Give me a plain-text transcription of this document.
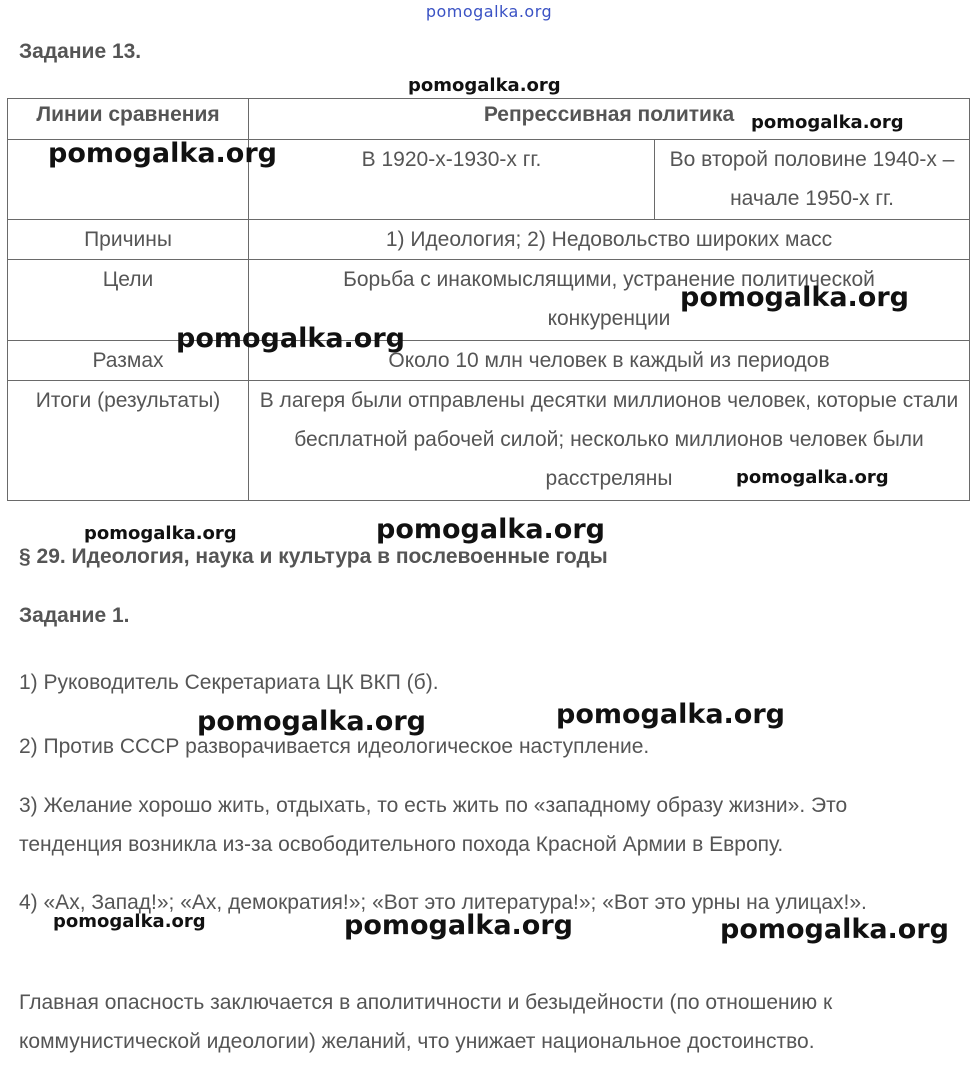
pomogalka.org
Задание 13.
Линии сравнения	Репрессивная политика	
	В 1920-х-1930-х гг.	Во второй половине 1940-х – начале 1950-х гг.
Причины	1) Идеология; 2) Недовольство широких масс	
Цели	Борьба с инакомыслящими, устранение политической конкуренции	
Размах	Около 10 млн человек в каждый из периодов	
Итоги (результаты)	В лагеря были отправлены десятки миллионов человек, которые стали бесплатной рабочей силой; несколько миллионов человек были расстреляны	
§ 29. Идеология, наука и культура в послевоенные годы
Задание 1.
1) Руководитель Секретариата ЦК ВКП (б).
2) Против СССР разворачивается идеологическое наступление.
3) Желание хорошо жить, отдыхать, то есть жить по «западному образу жизни». Это тенденция возникла из-за освободительного похода Красной Армии в Европу.
4) «Ах, Запад!»; «Ах, демократия!»; «Вот это литература!»; «Вот это урны на улицах!».
Главная опасность заключается в аполитичности и безыдейности (по отношению к коммунистической идеологии) желаний, что унижает национальное достоинство.
pomogalka.org
pomogalka.org
pomogalka.org
pomogalka.org
pomogalka.org
pomogalka.org
pomogalka.org	pomogalka.org
pomogalka.org	pomogalka.org
pomogalka.org	pomogalka.org	pomogalka.org
